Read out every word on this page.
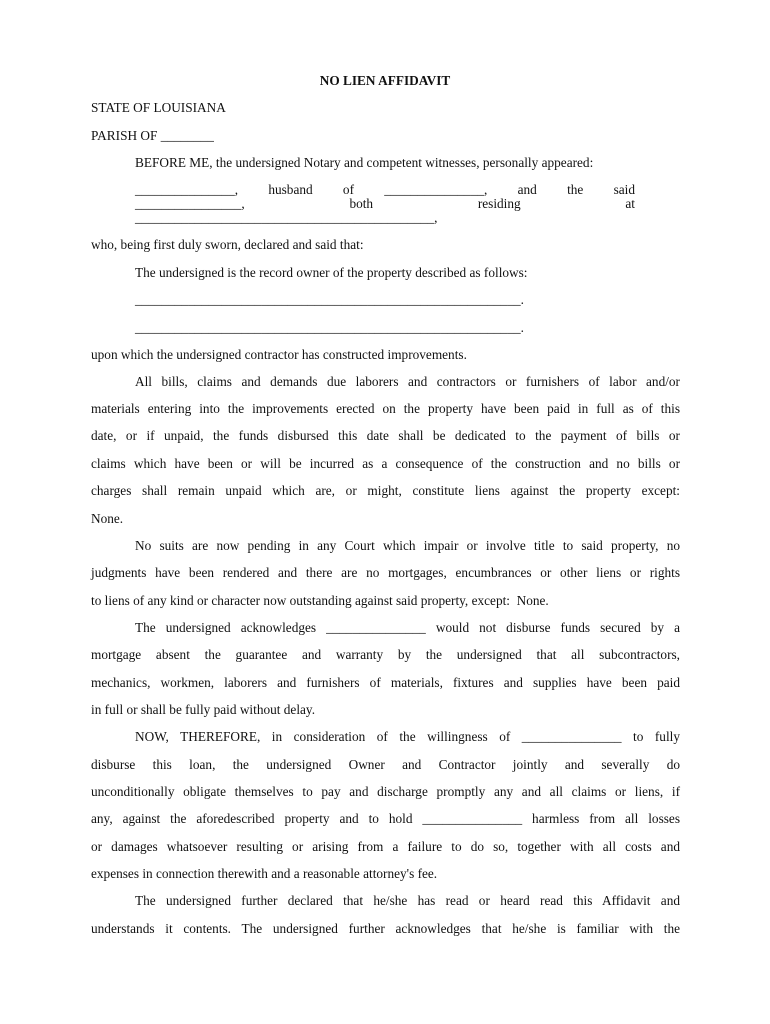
NO LIEN AFFIDAVIT
STATE OF LOUISIANA
PARISH OF ________
BEFORE ME, the undersigned Notary and competent witnesses, personally appeared:
_______________, husband of _______________, and the said
________________,	both	residing	at
_____________________________________________,
who, being first duly sworn, declared and said that:
The undersigned is the record owner of the property described as follows:
__________________________________________________________.
__________________________________________________________.
upon which the undersigned contractor has constructed improvements.
All bills, claims and demands due laborers and contractors or furnishers of labor and/or
materials entering into the improvements erected on the property have been paid in full as of this
date, or if unpaid, the funds disbursed this date shall be dedicated to the payment of bills or
claims which have been or will be incurred as a consequence of the construction and no bills or
charges shall remain unpaid which are, or might, constitute liens against the property except:
None.
No suits are now pending in any Court which impair or involve title to said property, no
judgments have been rendered and there are no mortgages, encumbrances or other liens or rights
to liens of any kind or character now outstanding against said property, except:  None.
The undersigned acknowledges _______________ would not disburse funds secured by a
mortgage absent the guarantee and warranty by the undersigned that all subcontractors,
mechanics, workmen, laborers and furnishers of materials, fixtures and supplies have been paid
in full or shall be fully paid without delay.
NOW, THEREFORE, in consideration of the willingness of _______________ to fully
disburse this loan, the undersigned Owner and Contractor jointly and severally do
unconditionally obligate themselves to pay and discharge promptly any and all claims or liens, if
any, against the aforedescribed property and to hold _______________ harmless from all losses
or damages whatsoever resulting or arising from a failure to do so, together with all costs and
expenses in connection therewith and a reasonable attorney's fee.
The undersigned further declared that he/she has read or heard read this Affidavit and
understands it contents. The undersigned further acknowledges that he/she is familiar with the
